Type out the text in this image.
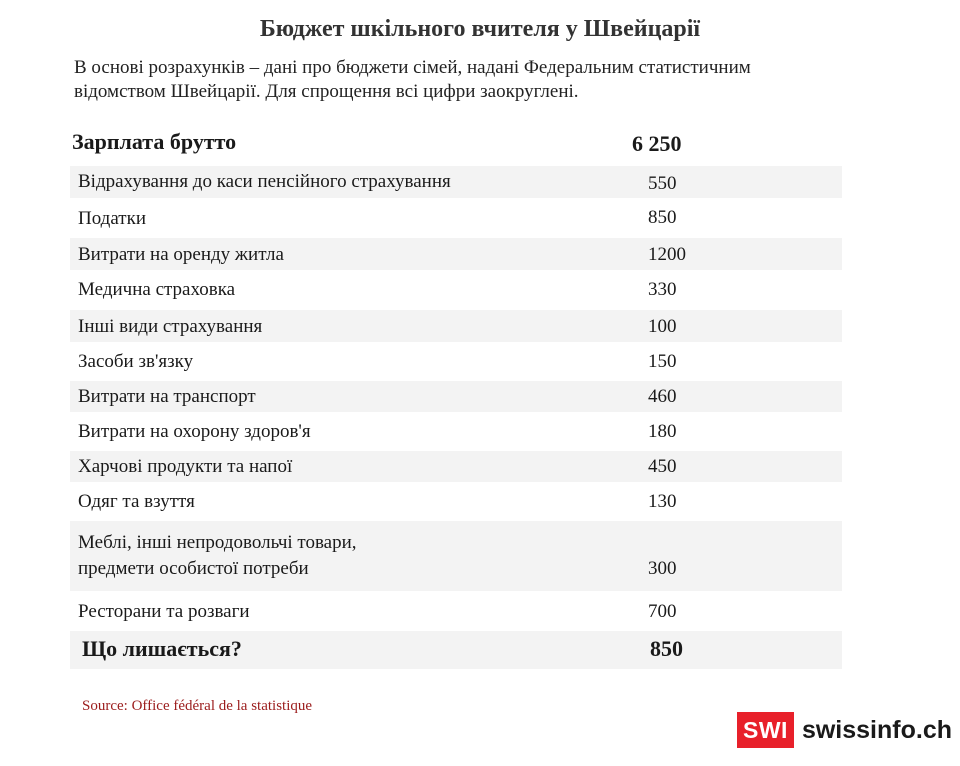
Бюджет шкільного вчителя у Швейцарії
В основі розрахунків – дані про бюджети сімей, надані Федеральним статистичним
відомством Швейцарії. Для спрощення всі цифри заокруглені.
Зарплата брутто	6 250
Відрахування до каси пенсійного страхування	550
Податки	850
Витрати на оренду житла	1200
Медична страховка	330
Інші види страхування	100
Засоби зв'язку	150
Витрати на транспорт	460
Витрати на охорону здоров'я	180
Харчові продукти та напої	450
Одяг та взуття	130
Меблі, інші непродовольчі товари,
предмети особистої потреби	300
Ресторани та розваги	700
Що лишається?	850
Source: Office fédéral de la statistique
SWI swissinfo.ch
